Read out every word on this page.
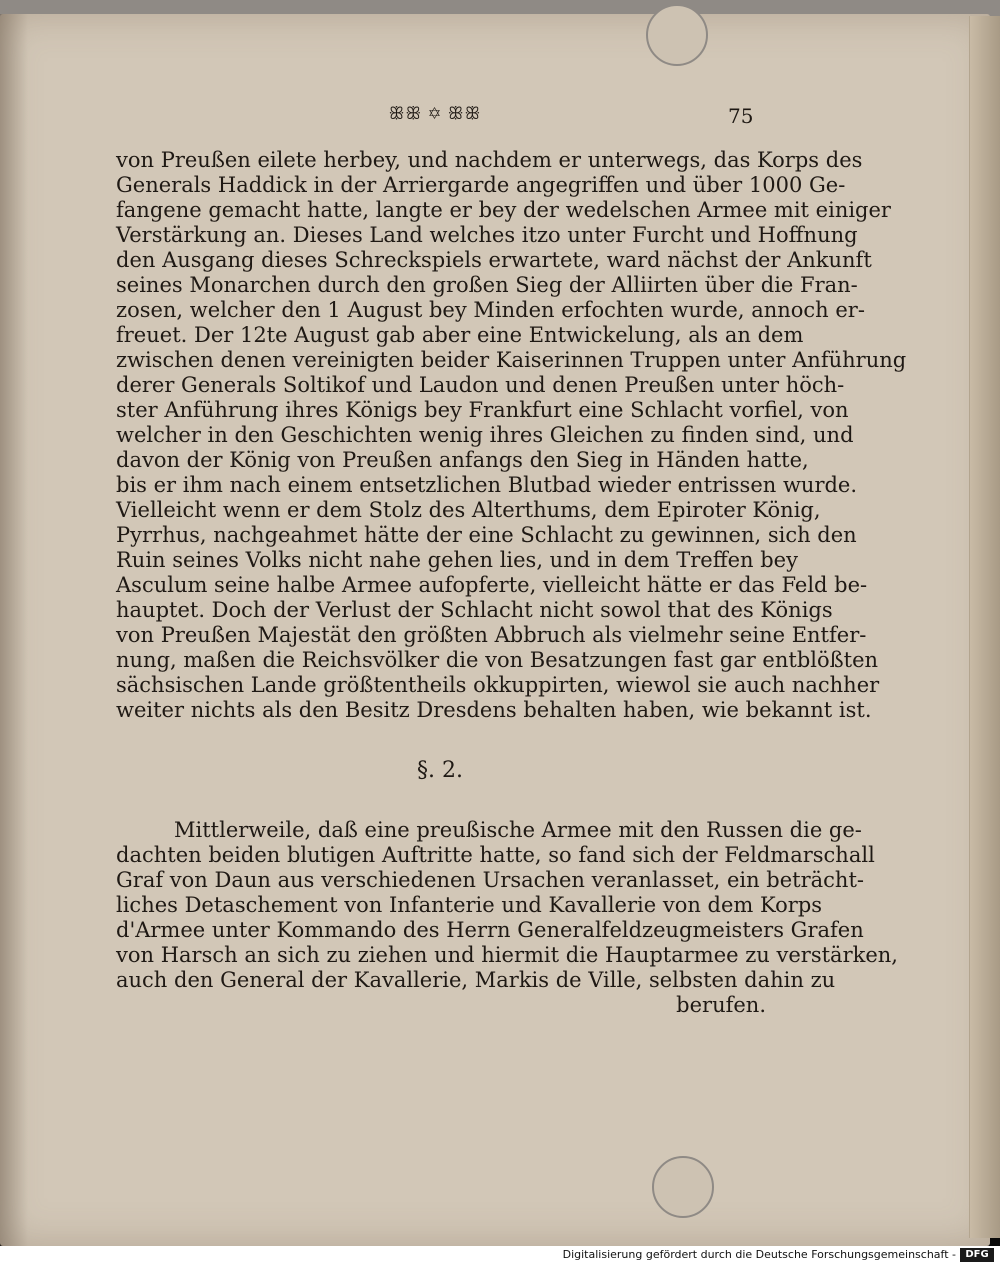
ꕥꕥ ✡ ꕥꕥ	75
von Preußen eilete herbey, und nachdem er unterwegs, das Korps des
Generals Haddick in der Arriergarde angegriffen und über 1000 Ge-
fangene gemacht hatte, langte er bey der wedelschen Armee mit einiger
Verstärkung an. Dieses Land welches itzo unter Furcht und Hoffnung
den Ausgang dieses Schreckspiels erwartete, ward nächst der Ankunft
seines Monarchen durch den großen Sieg der Alliirten über die Fran-
zosen, welcher den 1 August bey Minden erfochten wurde, annoch er-
freuet. Der 12te August gab aber eine Entwickelung, als an dem
zwischen denen vereinigten beider Kaiserinnen Truppen unter Anführung
derer Generals Soltikof und Laudon und denen Preußen unter höch-
ster Anführung ihres Königs bey Frankfurt eine Schlacht vorfiel, von
welcher in den Geschichten wenig ihres Gleichen zu finden sind, und
davon der König von Preußen anfangs den Sieg in Händen hatte,
bis er ihm nach einem entsetzlichen Blutbad wieder entrissen wurde.
Vielleicht wenn er dem Stolz des Alterthums, dem Epiroter König,
Pyrrhus, nachgeahmet hätte der eine Schlacht zu gewinnen, sich den
Ruin seines Volks nicht nahe gehen lies, und in dem Treffen bey
Asculum seine halbe Armee aufopferte, vielleicht hätte er das Feld be-
hauptet. Doch der Verlust der Schlacht nicht sowol that des Königs
von Preußen Majestät den größten Abbruch als vielmehr seine Entfer-
nung, maßen die Reichsvölker die von Besatzungen fast gar entblößten
sächsischen Lande größtentheils okkuppirten, wiewol sie auch nachher
weiter nichts als den Besitz Dresdens behalten haben, wie bekannt ist.
§. 2.
Mittlerweile, daß eine preußische Armee mit den Russen die ge-
dachten beiden blutigen Auftritte hatte, so fand sich der Feldmarschall
Graf von Daun aus verschiedenen Ursachen veranlasset, ein beträcht-
liches Detaschement von Infanterie und Kavallerie von dem Korps
d'Armee unter Kommando des Herrn Generalfeldzeugmeisters Grafen
von Harsch an sich zu ziehen und hiermit die Hauptarmee zu verstärken,
auch den General der Kavallerie, Markis de Ville, selbsten dahin zu
berufen.
Digitalisierung gefördert durch die Deutsche Forschungsgemeinschaft - DFG
